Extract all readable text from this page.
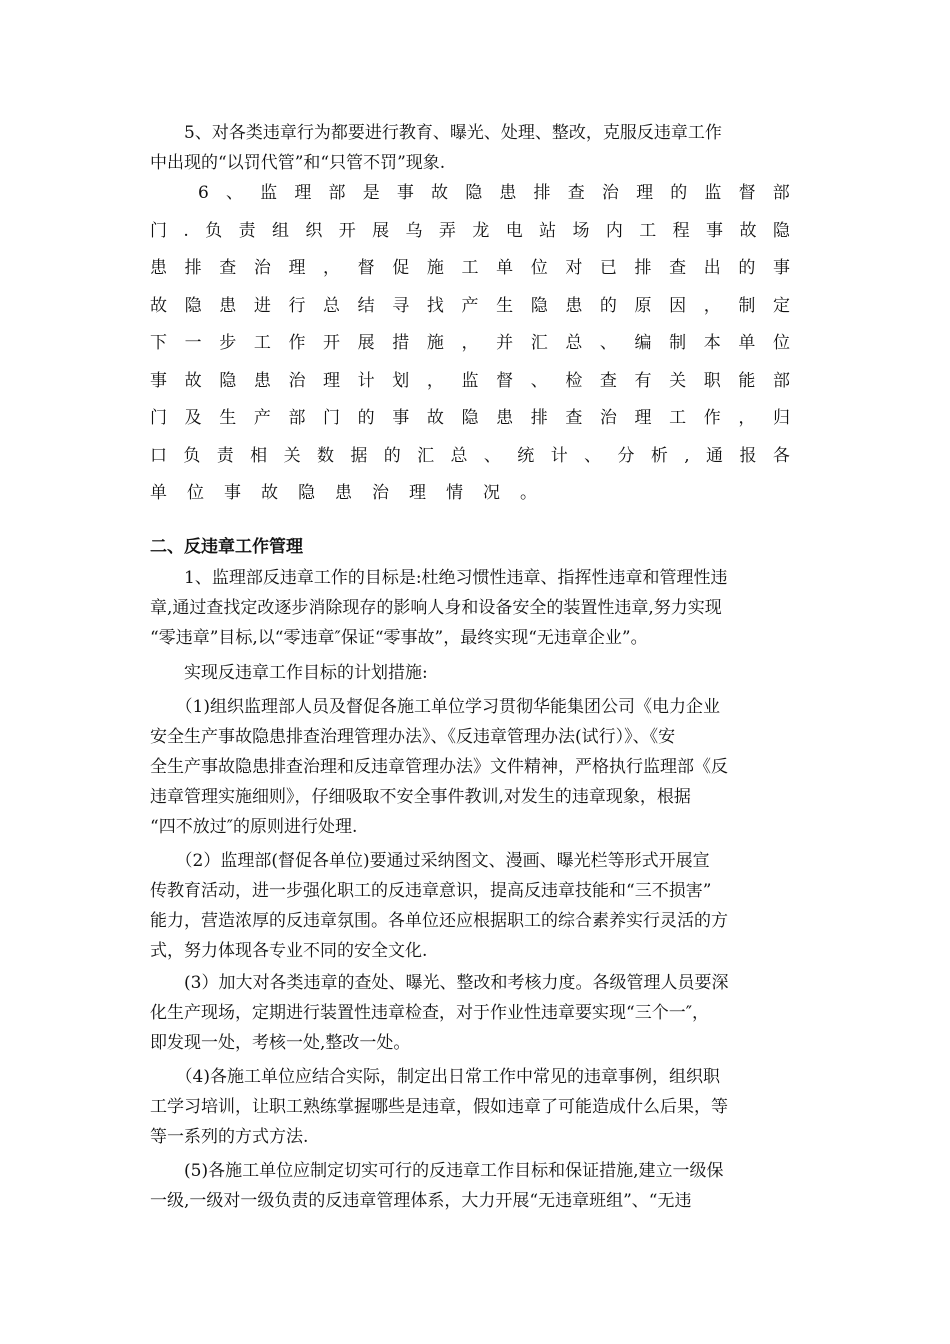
　　5、对各类违章行为都要进行教育、曝光、处理、整改，克服反违章工作
中出现的“以罚代管”和“只管不罚”现象.
6 、 监 理 部 是 事 故 隐 患 排 查 治 理 的 监 督 部
门 . 负 责 组 织 开 展 乌 弄 龙 电 站 场 内 工 程 事 故 隐
患 排 查 治 理 ， 督 促 施 工 单 位 对 已 排 查 出 的 事
故 隐 患 进 行 总 结 寻 找 产 生 隐 患 的 原 因 ， 制 定
下 一 步 工 作 开 展 措 施 ， 并 汇 总 、 编 制 本 单 位
事 故 隐 患 治 理 计 划 ， 监 督 、 检 查 有 关 职 能 部
门 及 生 产 部 门 的 事 故 隐 患 排 查 治 理 工 作 ， 归
口 负 责 相 关 数 据 的 汇 总 、 统 计 、 分 析 , 通 报 各
单 位 事 故 隐 患 治 理 情 况 。
二、反违章工作管理
　　1、监理部反违章工作的目标是:杜绝习惯性违章、指挥性违章和管理性违
章,通过查找定改逐步消除现存的影响人身和设备安全的装置性违章,努力实现
“零违章”目标,以“零违章″保证“零事故”，最终实现“无违章企业”。
　　实现反违章工作目标的计划措施:
　　（1)组织监理部人员及督促各施工单位学习贯彻华能集团公司《电力企业
安全生产事故隐患排查治理管理办法》、《反违章管理办法(试行）》、《安
全生产事故隐患排查治理和反违章管理办法》文件精神，严格执行监理部《反
违章管理实施细则》，仔细吸取不安全事件教训,对发生的违章现象，根据
“四不放过″的原则进行处理.
　　（2）监理部(督促各单位)要通过采纳图文、漫画、曝光栏等形式开展宣
传教育活动，进一步强化职工的反违章意识，提高反违章技能和“三不损害”
能力，营造浓厚的反违章氛围。各单位还应根据职工的综合素养实行灵活的方
式，努力体现各专业不同的安全文化.
　　(3）加大对各类违章的查处、曝光、整改和考核力度。各级管理人员要深
化生产现场，定期进行装置性违章检查，对于作业性违章要实现“三个一″，
即发现一处，考核一处,整改一处。
　　（4)各施工单位应结合实际，制定出日常工作中常见的违章事例，组织职
工学习培训，让职工熟练掌握哪些是违章，假如违章了可能造成什么后果，等
等一系列的方式方法.
　　(5)各施工单位应制定切实可行的反违章工作目标和保证措施,建立一级保
一级,一级对一级负责的反违章管理体系，大力开展“无违章班组”、“无违
